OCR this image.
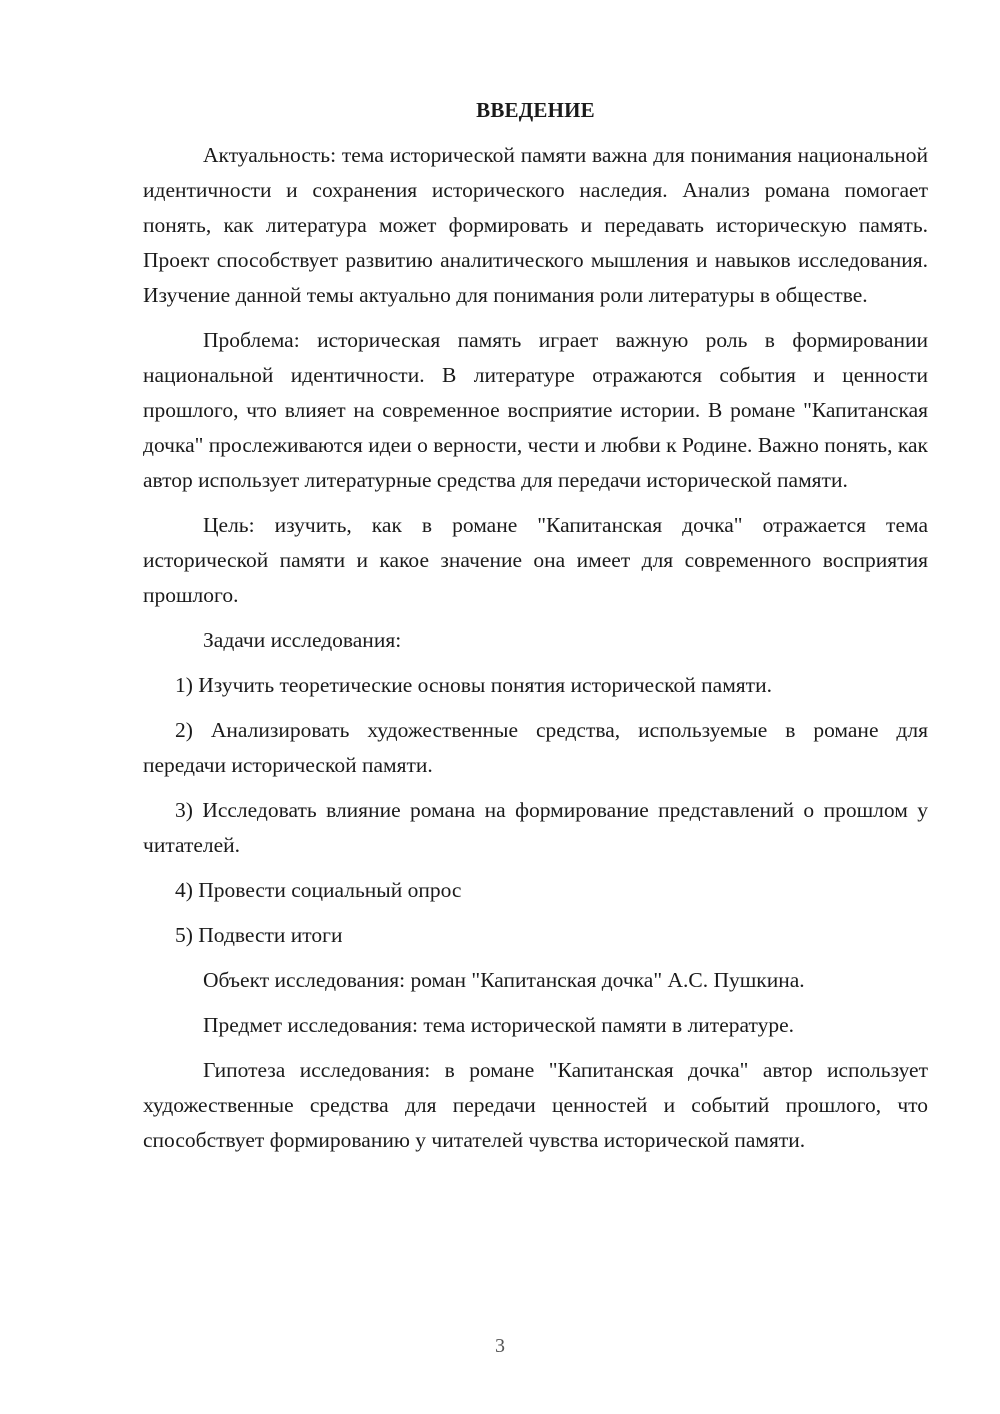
ВВЕДЕНИЕ

Актуальность: тема исторической памяти важна для понимания национальной идентичности и сохранения исторического наследия. Анализ романа помогает понять, как литература может формировать и передавать историческую память. Проект способствует развитию аналитического мышления и навыков исследования. Изучение данной темы актуально для понимания роли литературы в обществе.

Проблема: историческая память играет важную роль в формировании национальной идентичности. В литературе отражаются события и ценности прошлого, что влияет на современное восприятие истории. В романе "Капитанская дочка" прослеживаются идеи о верности, чести и любви к Родине. Важно понять, как автор использует литературные средства для передачи исторической памяти.

Цель: изучить, как в романе "Капитанская дочка" отражается тема исторической памяти и какое значение она имеет для современного восприятия прошлого.

Задачи исследования:

1) Изучить теоретические основы понятия исторической памяти.

2) Анализировать художественные средства, используемые в романе для передачи исторической памяти.

3) Исследовать влияние романа на формирование представлений о прошлом у читателей.

4) Провести социальный опрос

5) Подвести итоги

Объект исследования: роман "Капитанская дочка" А.С. Пушкина.

Предмет исследования: тема исторической памяти в литературе.

Гипотеза исследования: в романе "Капитанская дочка" автор использует художественные средства для передачи ценностей и событий прошлого, что способствует формированию у читателей чувства исторической памяти.

3
